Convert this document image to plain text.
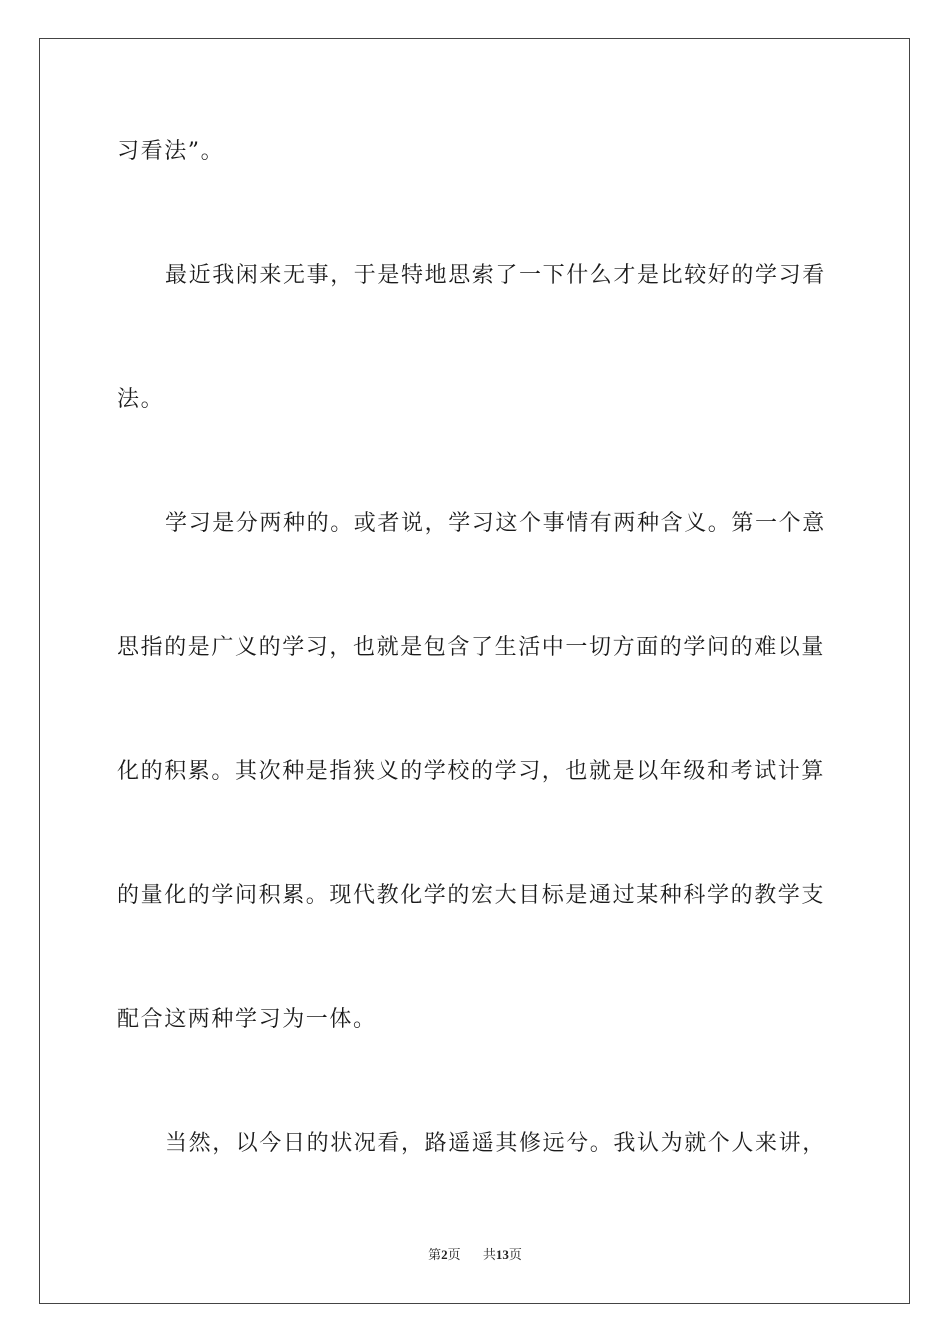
习看法”。
最近我闲来无事，于是特地思索了一下什么才是比较好的学习看
法。
学习是分两种的。或者说，学习这个事情有两种含义。第一个意
思指的是广义的学习，也就是包含了生活中一切方面的学问的难以量
化的积累。其次种是指狭义的学校的学习，也就是以年级和考试计算
的量化的学问积累。现代教化学的宏大目标是通过某种科学的教学支
配合这两种学习为一体。
当然，以今日的状况看，路遥遥其修远兮。我认为就个人来讲，
第2页 共13页
